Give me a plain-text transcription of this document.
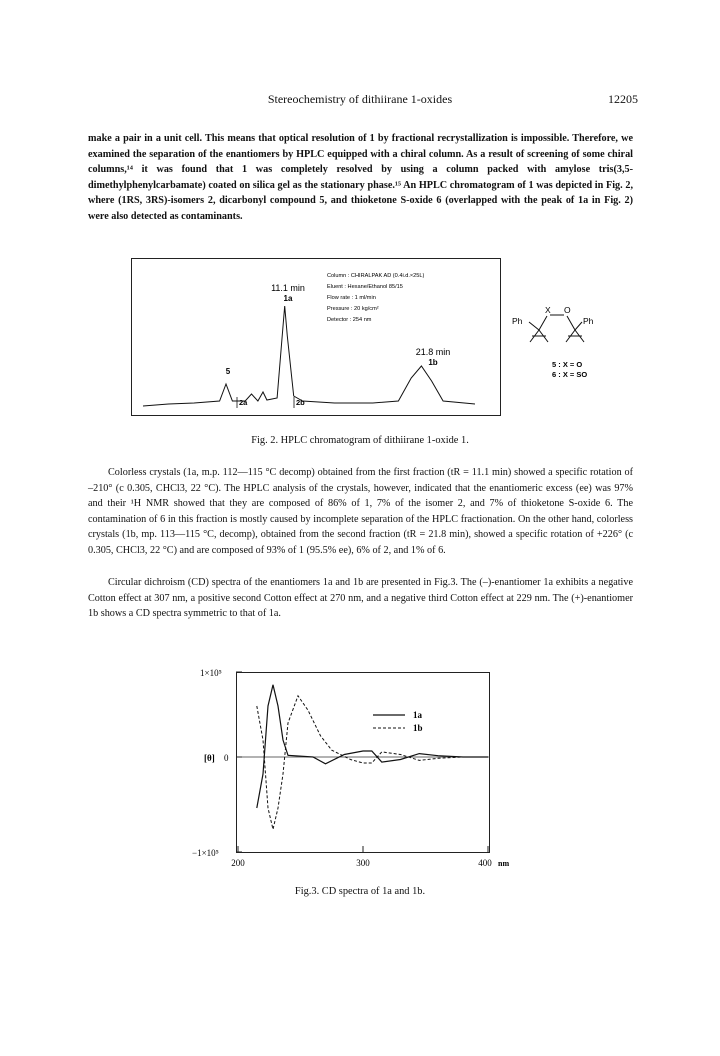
Stereochemistry of dithiirane 1-oxides	12205

make a pair in a unit cell. This means that optical resolution of 1 by fractional recrystallization is impossible. Therefore, we examined the separation of the enantiomers by HPLC equipped with a chiral column. As a result of screening of some chiral columns,¹⁴ it was found that 1 was completely resolved by using a column packed with amylose tris(3,5-dimethylphenylcarbamate) coated on silica gel as the stationary phase.¹⁵ An HPLC chromatogram of 1 was depicted in Fig. 2, where (1RS, 3RS)-isomers 2, dicarbonyl compound 5, and thioketone S-oxide 6 (overlapped with the peak of 1a in Fig. 2) were also detected as contaminants.

11.1 min
1a
21.8 min
1b
5
2a	2b
Column : CHIRALPAK AD (0.4i.d.×25L)
Eluent : Hexane/Ethanol 85/15
Flow rate : 1 ml/min
Pressure : 20 kg/cm²
Detector : 254 nm	Ph
X O
Ph
5 : X = O
6 : X = SO
Fig. 2. HPLC chromatogram of dithiirane 1-oxide 1.

Colorless crystals (1a, m.p. 112—115 °C decomp) obtained from the first fraction (tR = 11.1 min) showed a specific rotation of –210° (c 0.305, CHCl3, 22 °C). The HPLC analysis of the crystals, however, indicated that the enantiomeric excess (ee) was 97% and their ¹H NMR showed that they are composed of 86% of 1, 7% of the isomer 2, and 7% of thioketone S-oxide 6. The contamination of 6 in this fraction is mostly caused by incomplete separation of the HPLC fractionation. On the other hand, colorless crystals (1b, mp. 113—115 °C, decomp), obtained from the second fraction (tR = 21.8 min), showed a specific rotation of +226° (c 0.305, CHCl3, 22 °C) and are composed of 93% of 1 (95.5% ee), 6% of 2, and 1% of 6.

Circular dichroism (CD) spectra of the enantiomers 1a and 1b are presented in Fig.3. The (–)-enantiomer 1a exhibits a negative Cotton effect at 307 nm, a positive second Cotton effect at 270 nm, and a negative third Cotton effect at 229 nm. The (+)-enantiomer 1b shows a CD spectra symmetric to that of 1a.

1×10⁵
[θ] 0
−1×10⁵
200	300	400 nm
1a
1b
Fig.3. CD spectra of 1a and 1b.
